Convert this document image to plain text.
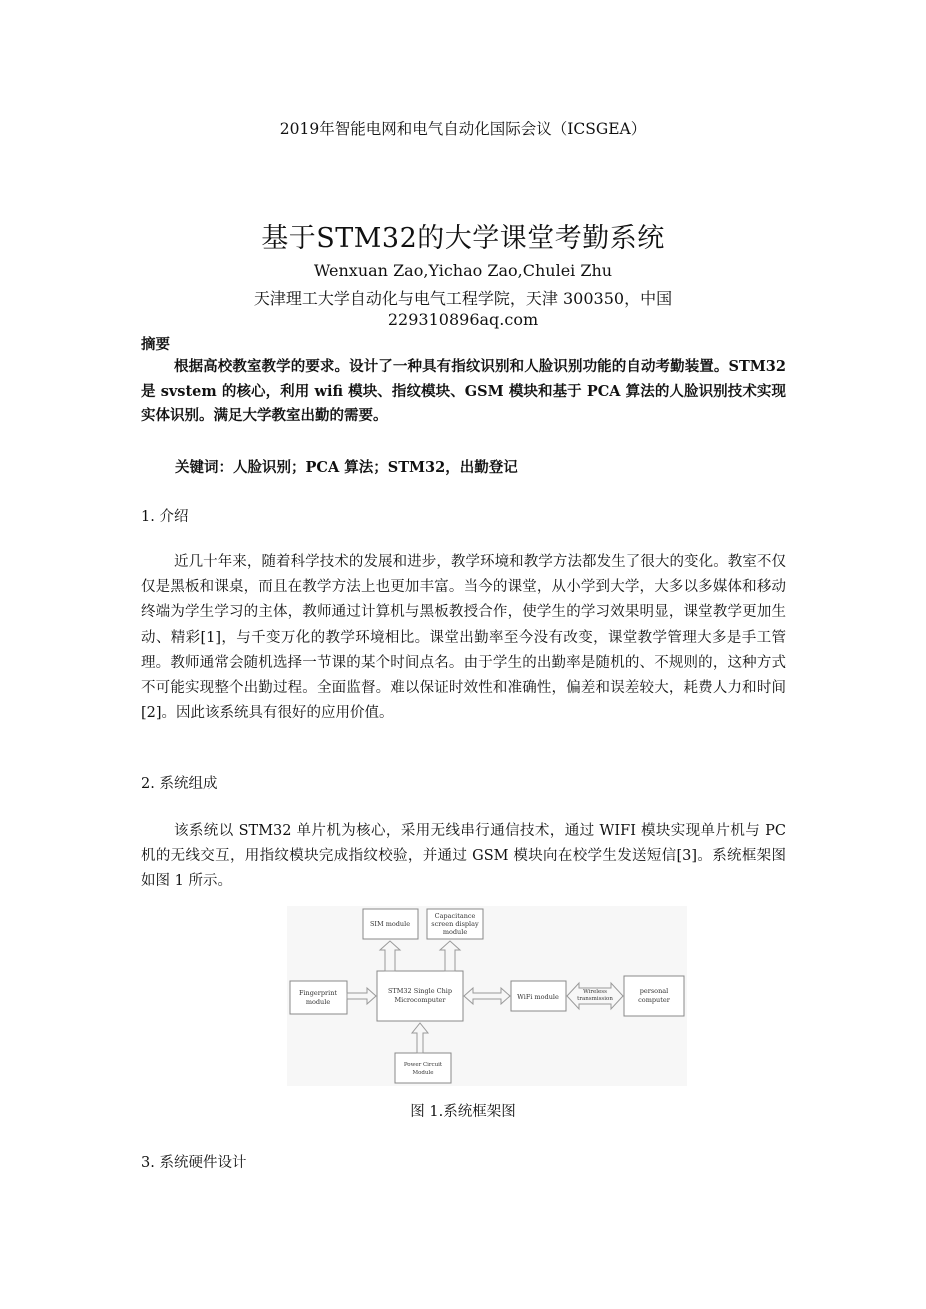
2019年智能电网和电气自动化国际会议（ICSGEA）
基于STM32的大学课堂考勤系统
Wenxuan Zao,Yichao Zao,Chulei Zhu
天津理工大学自动化与电气工程学院，天津 300350，中国
229310896aq.com
摘要
根据高校教室教学的要求。设计了一种具有指纹识别和人脸识别功能的自动考勤装置。STM32 是 svstem 的核心，利用 wifi 模块、指纹模块、GSM 模块和基于 PCA 算法的人脸识别技术实现实体识别。满足大学教室出勤的需要。
关键词：人脸识别；PCA 算法；STM32，出勤登记
1. 介绍
近几十年来，随着科学技术的发展和进步，教学环境和教学方法都发生了很大的变化。教室不仅仅是黑板和课桌，而且在教学方法上也更加丰富。当今的课堂，从小学到大学，大多以多媒体和移动终端为学生学习的主体，教师通过计算机与黑板教授合作，使学生的学习效果明显，课堂教学更加生动、精彩[1]，与千变万化的教学环境相比。课堂出勤率至今没有改变，课堂教学管理大多是手工管理。教师通常会随机选择一节课的某个时间点名。由于学生的出勤率是随机的、不规则的，这种方式不可能实现整个出勤过程。全面监督。难以保证时效性和准确性，偏差和误差较大，耗费人力和时间[2]。因此该系统具有很好的应用价值。
2. 系统组成
该系统以 STM32 单片机为核心，采用无线串行通信技术，通过 WIFI 模块实现单片机与 PC 机的无线交互，用指纹模块完成指纹校验，并通过 GSM 模块向在校学生发送短信[3]。系统框架图如图 1 所示。
SIM module
Capacitance
screen display
module
Fingerprint
module
STM32 Single Chip
Microcomputer	WiFi module
Wireless
transmission
personal
computer
Power Circuit
Module
图 1.系统框架图
3. 系统硬件设计
